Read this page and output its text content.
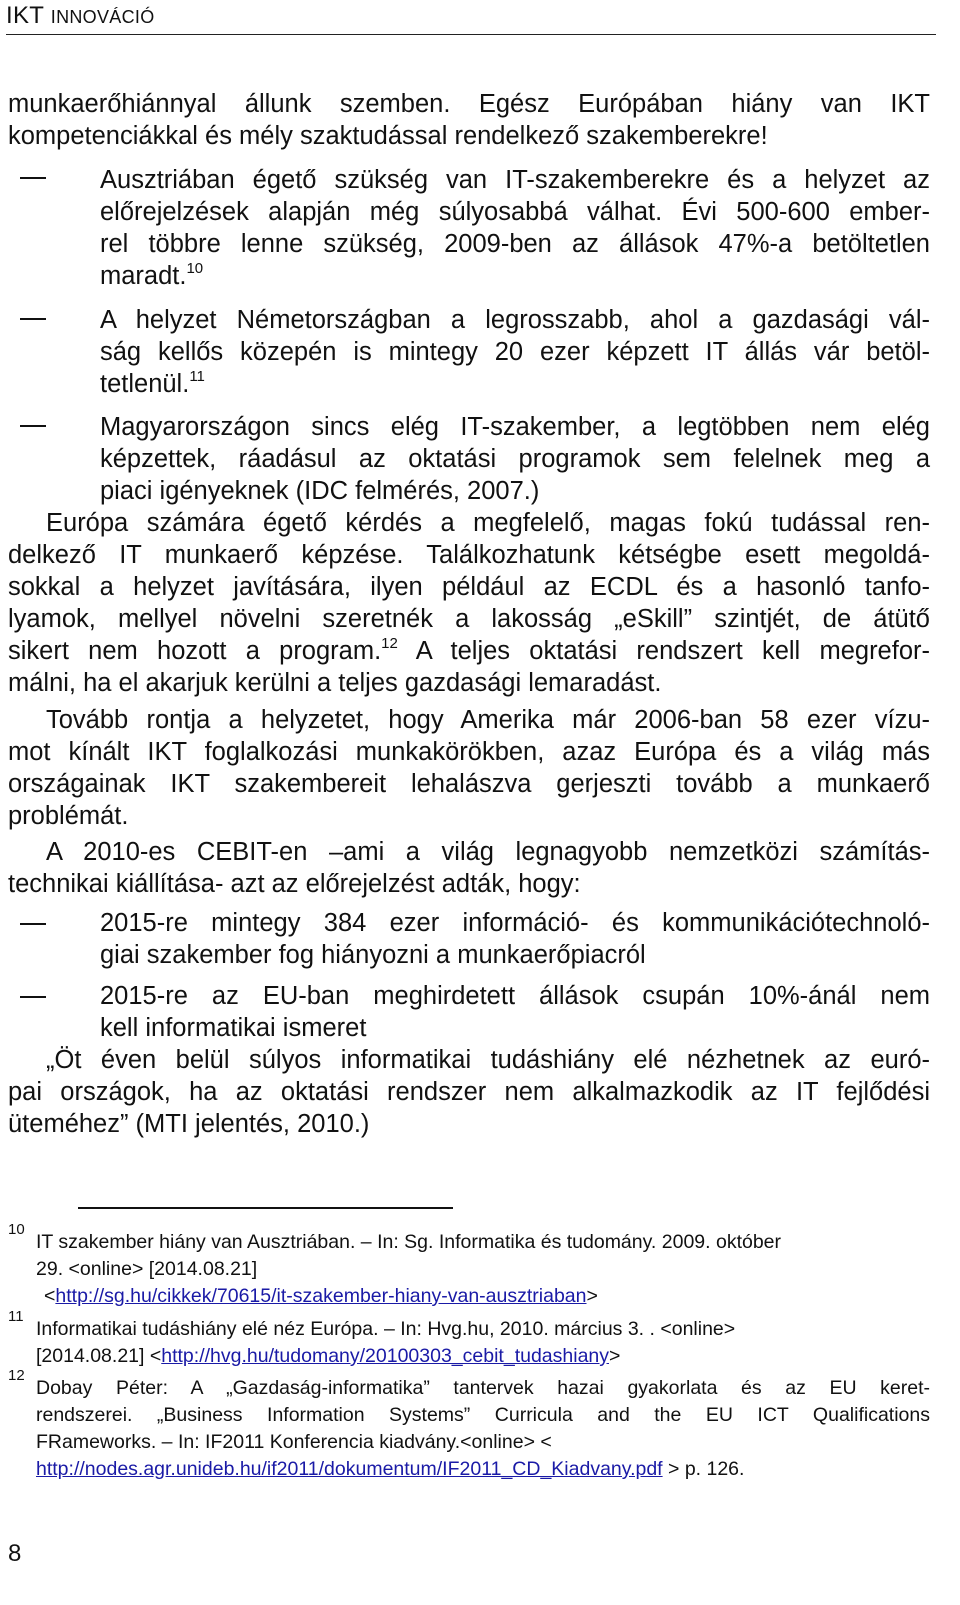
IKT INNOVÁCIÓ
munkaerőhiánnyal állunk szemben. Egész Európában hiány van IKT
kompetenciákkal és mély szaktudással rendelkező szakemberekre!
Ausztriában égető szükség van IT-szakemberekre és a helyzet az
előrejelzések alapján még súlyosabbá válhat. Évi 500-600 ember-
rel többre lenne szükség, 2009-ben az állások 47%-a betöltetlen
maradt.$^{10}$
A helyzet Németországban a legrosszabb, ahol a gazdasági vál-
ság kellős közepén is mintegy 20 ezer képzett IT állás vár betöl-
tetlenül.$^{11}$
Magyarországon sincs elég IT-szakember, a legtöbben nem elég
képzettek, ráadásul az oktatási programok sem felelnek meg a
piaci igényeknek (IDC felmérés, 2007.)
Európa számára égető kérdés a megfelelő, magas fokú tudással ren-
delkező IT munkaerő képzése. Találkozhatunk kétségbe esett megoldá-
sokkal a helyzet javítására, ilyen például az ECDL és a hasonló tanfo-
lyamok, mellyel növelni szeretnék a lakosság „eSkill” szintjét, de átütő
sikert nem hozott a program.$^{12}$ A teljes oktatási rendszert kell megrefor-
málni, ha el akarjuk kerülni a teljes gazdasági lemaradást.
Tovább rontja a helyzetet, hogy Amerika már 2006-ban 58 ezer vízu-
mot kínált IKT foglalkozási munkakörökben, azaz Európa és a világ más
országainak IKT szakembereit lehalászva gerjeszti tovább a munkaerő
problémát.
A 2010-es CEBIT-en –ami a világ legnagyobb nemzetközi számítás-
technikai kiállítása- azt az előrejelzést adták, hogy:
2015-re mintegy 384 ezer információ- és kommunikációtechnoló-
giai szakember fog hiányozni a munkaerőpiacról
2015-re az EU-ban meghirdetett állások csupán 10%-ánál nem
kell informatikai ismeret
„Öt éven belül súlyos informatikai tudáshiány elé nézhetnek az euró-
pai országok, ha az oktatási rendszer nem alkalmazkodik az IT fejlődési
üteméhez” (MTI jelentés, 2010.)
10
IT szakember hiány van Ausztriában. – In: Sg. Informatika és tudomány. 2009. október
29. <online> [2014.08.21]
<http://sg.hu/cikkek/70615/it-szakember-hiany-van-ausztriaban>
11
Informatikai tudáshiány elé néz Európa. – In: Hvg.hu, 2010. március 3. . <online>
[2014.08.21] <http://hvg.hu/tudomany/20100303_cebit_tudashiany>
12
Dobay Péter: A „Gazdaság-informatika” tantervek hazai gyakorlata és az EU keret-
rendszerei. „Business Information Systems” Curricula and the EU ICT Qualifications
FRameworks. – In: IF2011 Konferencia kiadvány.<online> <
http://nodes.agr.unideb.hu/if2011/dokumentum/IF2011_CD_Kiadvany.pdf > p. 126.
8
